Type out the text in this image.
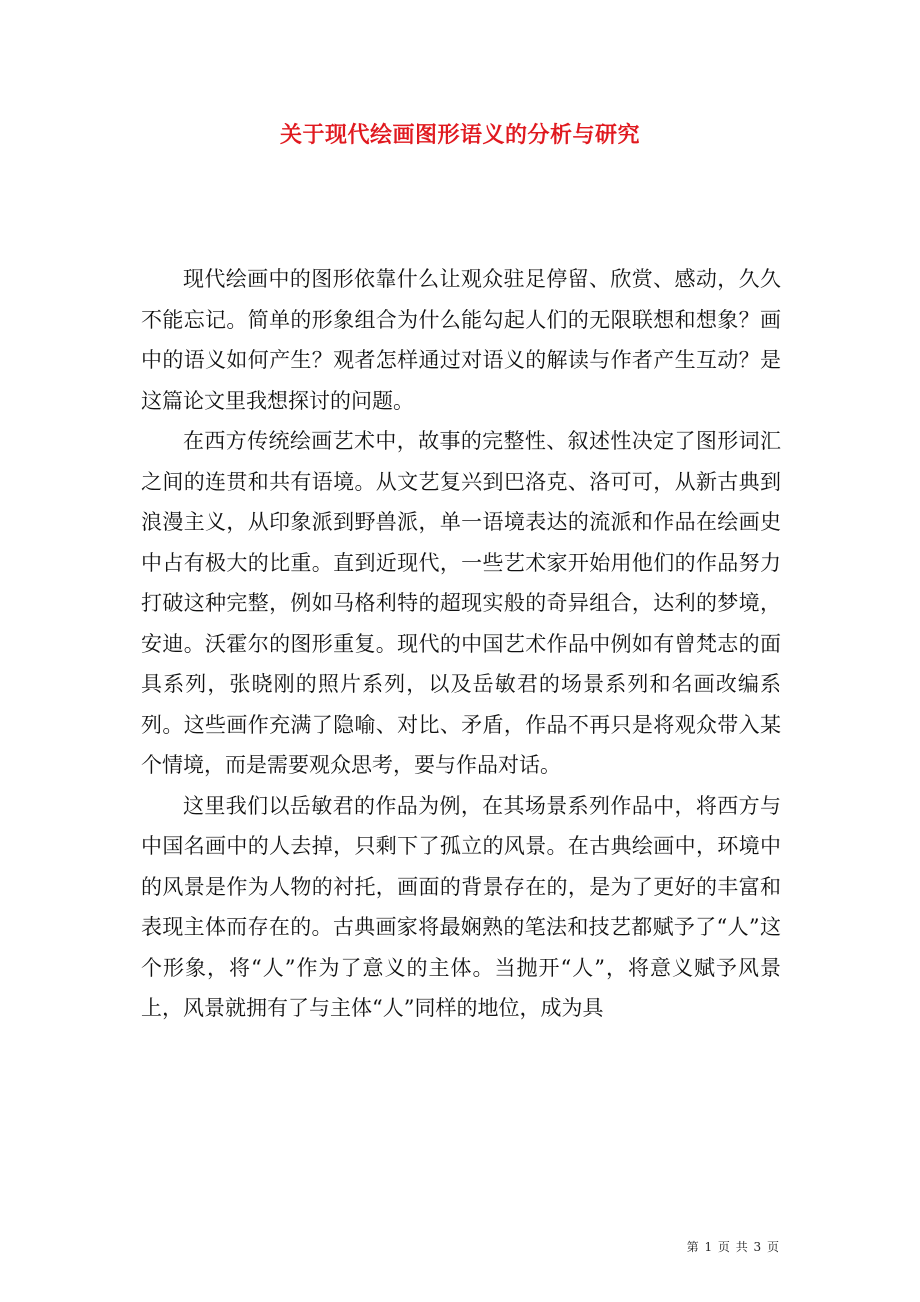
关于现代绘画图形语义的分析与研究

现代绘画中的图形依靠什么让观众驻足停留、欣赏、感动，久久不能忘记。简单的形象组合为什么能勾起人们的无限联想和想象？画中的语义如何产生？观者怎样通过对语义的解读与作者产生互动？是这篇论文里我想探讨的问题。

在西方传统绘画艺术中，故事的完整性、叙述性决定了图形词汇之间的连贯和共有语境。从文艺复兴到巴洛克、洛可可，从新古典到浪漫主义，从印象派到野兽派，单一语境表达的流派和作品在绘画史中占有极大的比重。直到近现代，一些艺术家开始用他们的作品努力打破这种完整，例如马格利特的超现实般的奇异组合，达利的梦境，安迪。沃霍尔的图形重复。现代的中国艺术作品中例如有曾梵志的面具系列，张晓刚的照片系列，以及岳敏君的场景系列和名画改编系列。这些画作充满了隐喻、对比、矛盾，作品不再只是将观众带入某个情境，而是需要观众思考，要与作品对话。

这里我们以岳敏君的作品为例，在其场景系列作品中，将西方与中国名画中的人去掉，只剩下了孤立的风景。在古典绘画中，环境中的风景是作为人物的衬托，画面的背景存在的，是为了更好的丰富和表现主体而存在的。古典画家将最娴熟的笔法和技艺都赋予了“人”这个形象，将“人”作为了意义的主体。当抛开“人”，将意义赋予风景上，风景就拥有了与主体“人”同样的地位，成为具

第 1 页 共 3 页
